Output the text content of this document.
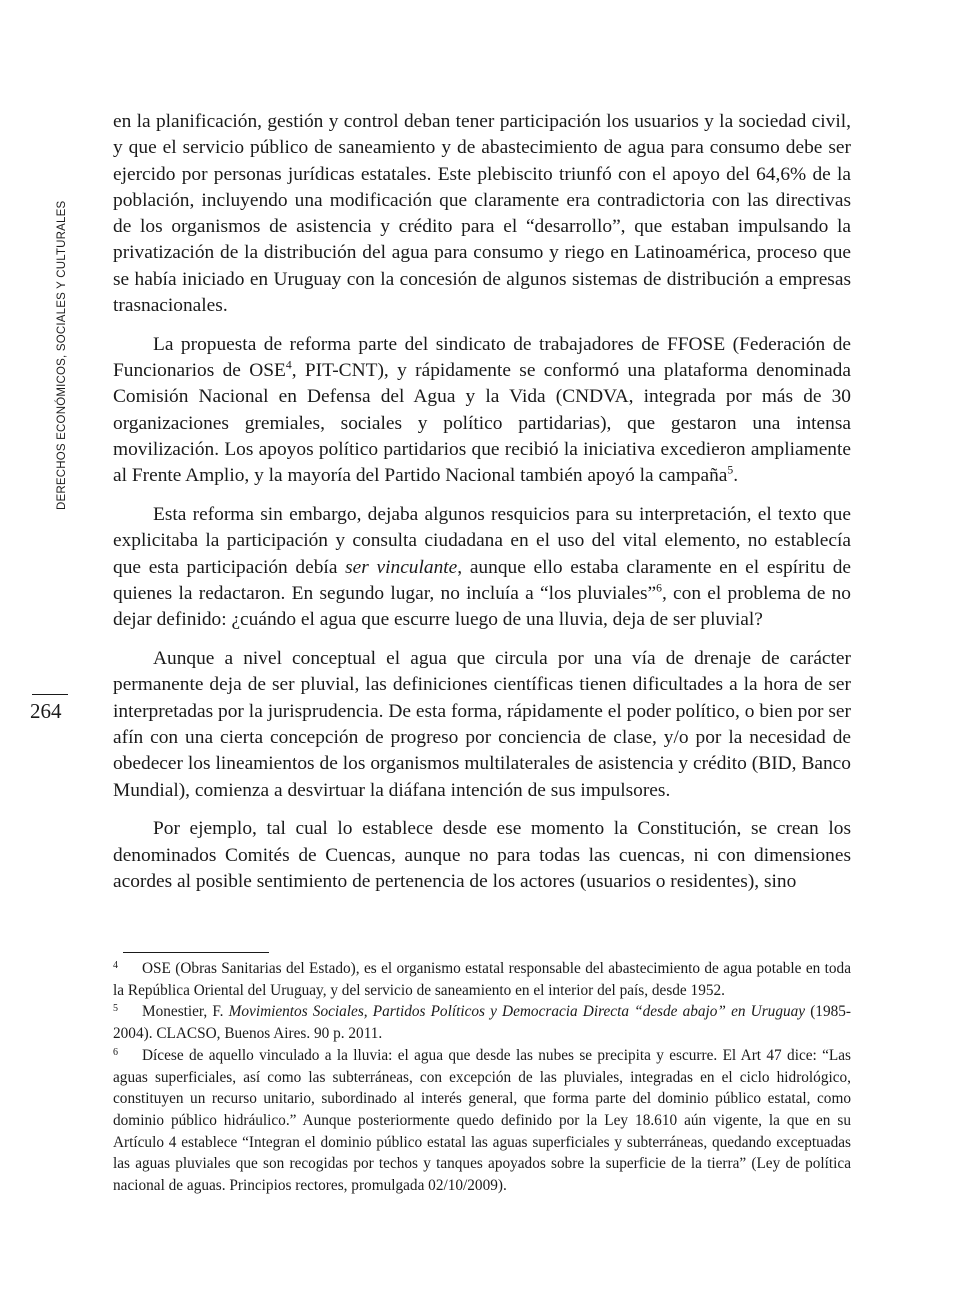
DERECHOS ECONÓMICOS, SOCIALES Y CULTURALES
264

en la planificación, gestión y control deban tener participación los usuarios y la sociedad civil, y que el servicio público de saneamiento y de abastecimiento de agua para consumo debe ser ejercido por personas jurídicas estatales. Este plebiscito triunfó con el apoyo del 64,6% de la población, incluyendo una modificación que claramente era contradictoria con las directivas de los organismos de asistencia y crédito para el “desarrollo”, que estaban impulsando la privatización de la distribución del agua para consumo y riego en Latinoamérica, proceso que se había iniciado en Uruguay con la concesión de algunos sistemas de distribución a empresas trasnacionales.

La propuesta de reforma parte del sindicato de trabajadores de FFOSE (Federación de Funcionarios de OSE$^4$, PIT-CNT), y rápidamente se conformó una plataforma denominada Comisión Nacional en Defensa del Agua y la Vida (CNDVA, integrada por más de 30 organizaciones gremiales, sociales y político partidarias), que gestaron una intensa movilización. Los apoyos político partidarios que recibió la iniciativa excedieron ampliamente al Frente Amplio, y la mayoría del Partido Nacional también apoyó la campaña$^5$.

Esta reforma sin embargo, dejaba algunos resquicios para su interpretación, el texto que explicitaba la participación y consulta ciudadana en el uso del vital elemento, no establecía que esta participación debía ser vinculante, aunque ello estaba claramente en el espíritu de quienes la redactaron. En segundo lugar, no incluía a “los pluviales”$^6$, con el problema de no dejar definido: ¿cuándo el agua que escurre luego de una lluvia, deja de ser pluvial?

Aunque a nivel conceptual el agua que circula por una vía de drenaje de carácter permanente deja de ser pluvial, las definiciones científicas tienen dificultades a la hora de ser interpretadas por la jurisprudencia. De esta forma, rápidamente el poder político, o bien por ser afín con una cierta concepción de progreso por conciencia de clase, y/o por la necesidad de obedecer los lineamientos de los organismos multilaterales de asistencia y crédito (BID, Banco Mundial), comienza a desvirtuar la diáfana intención de sus impulsores.

Por ejemplo, tal cual lo establece desde ese momento la Constitución, se crean los denominados Comités de Cuencas, aunque no para todas las cuencas, ni con dimensiones acordes al posible sentimiento de pertenencia de los actores (usuarios o residentes), sino

4 OSE (Obras Sanitarias del Estado), es el organismo estatal responsable del abastecimiento de agua potable en toda la República Oriental del Uruguay, y del servicio de saneamiento en el interior del país, desde 1952.

5 Monestier, F. Movimientos Sociales, Partidos Políticos y Democracia Directa “desde abajo” en Uruguay (1985-2004). CLACSO, Buenos Aires. 90 p. 2011.

6 Dícese de aquello vinculado a la lluvia: el agua que desde las nubes se precipita y escurre. El Art 47 dice: “Las aguas superficiales, así como las subterráneas, con excepción de las pluviales, integradas en el ciclo hidrológico, constituyen un recurso unitario, subordinado al interés general, que forma parte del dominio público estatal, como dominio público hidráulico.” Aunque posteriormente quedo definido por la Ley 18.610 aún vigente, la que en su Artículo 4 establece “Integran el dominio público estatal las aguas superficiales y subterráneas, quedando exceptuadas las aguas pluviales que son recogidas por techos y tanques apoyados sobre la superficie de la tierra” (Ley de política nacional de aguas. Principios rectores, promulgada 02/10/2009).
